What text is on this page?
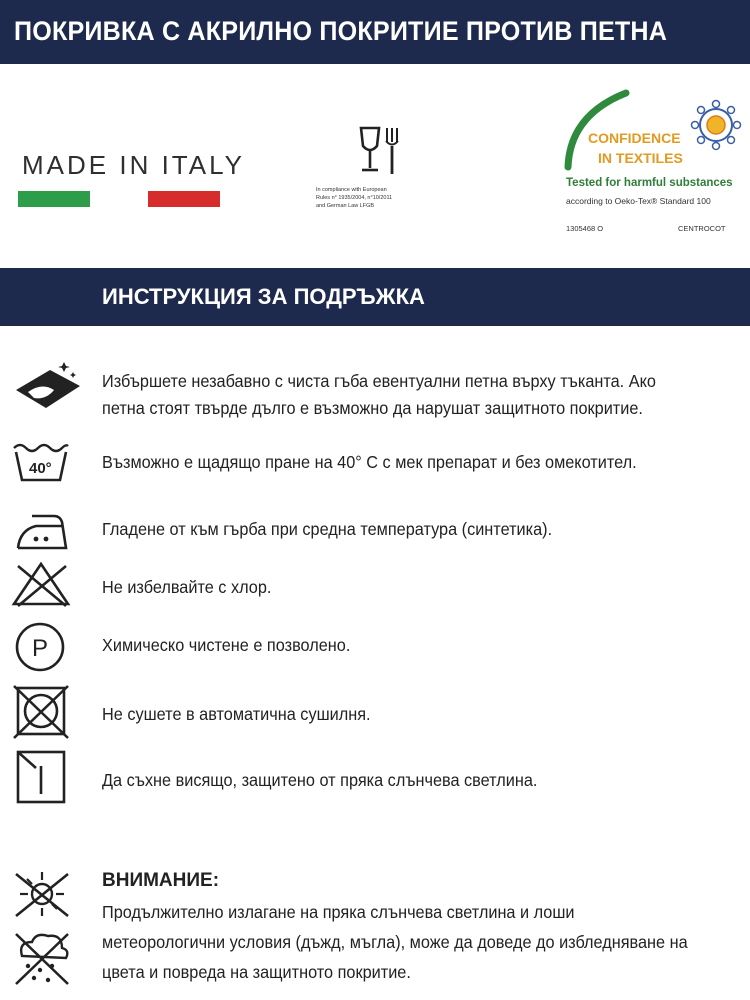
ПОКРИВКА С АКРИЛНО ПОКРИТИЕ ПРОТИВ ПЕТНА
MADE IN ITALY
In compliance with European
Rules n° 1935/2004, n°10/2011
and German Law LFGB
CONFIDENCE
IN TEXTILES
Tested for harmful substances
according to Oeko-Tex® Standard 100
1305468 O	CENTROCOT
ИНСТРУКЦИЯ ЗА ПОДРЪЖКА
Избършете незабавно с чиста гъба евентуални петна върху тъканта. Ако петна стоят твърде дълго е възможно да нарушат защитното покритие.
40°	Възможно е щадящо пране на 40° С с мек препарат и без омекотител.
Гладене от към гърба при средна температура (синтетика).
Не избелвайте с хлор.
P	Химическо чистене е позволено.
Не сушете в автоматична сушилня.
Да съхне висящо, защитено от пряка слънчева светлина.
ВНИМАНИЕ:
Продължително излагане на пряка слънчева светлина и лоши метеорологични условия (дъжд, мъгла), може да доведе до избледняване на цвета и повреда на защитното покритие.
